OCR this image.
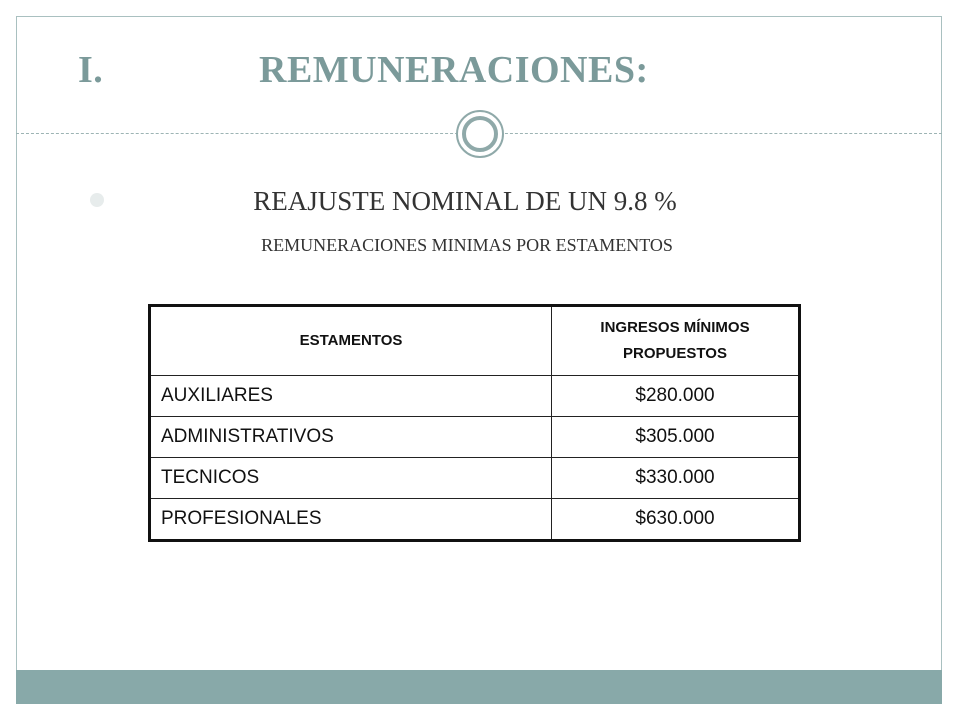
I.	REMUNERACIONES:
REAJUSTE NOMINAL DE UN 9.8 %
REMUNERACIONES MINIMAS POR ESTAMENTOS
ESTAMENTOS	INGRESOS MÍNIMOS PROPUESTOS
AUXILIARES	$280.000
ADMINISTRATIVOS	$305.000
TECNICOS	$330.000
PROFESIONALES	$630.000
